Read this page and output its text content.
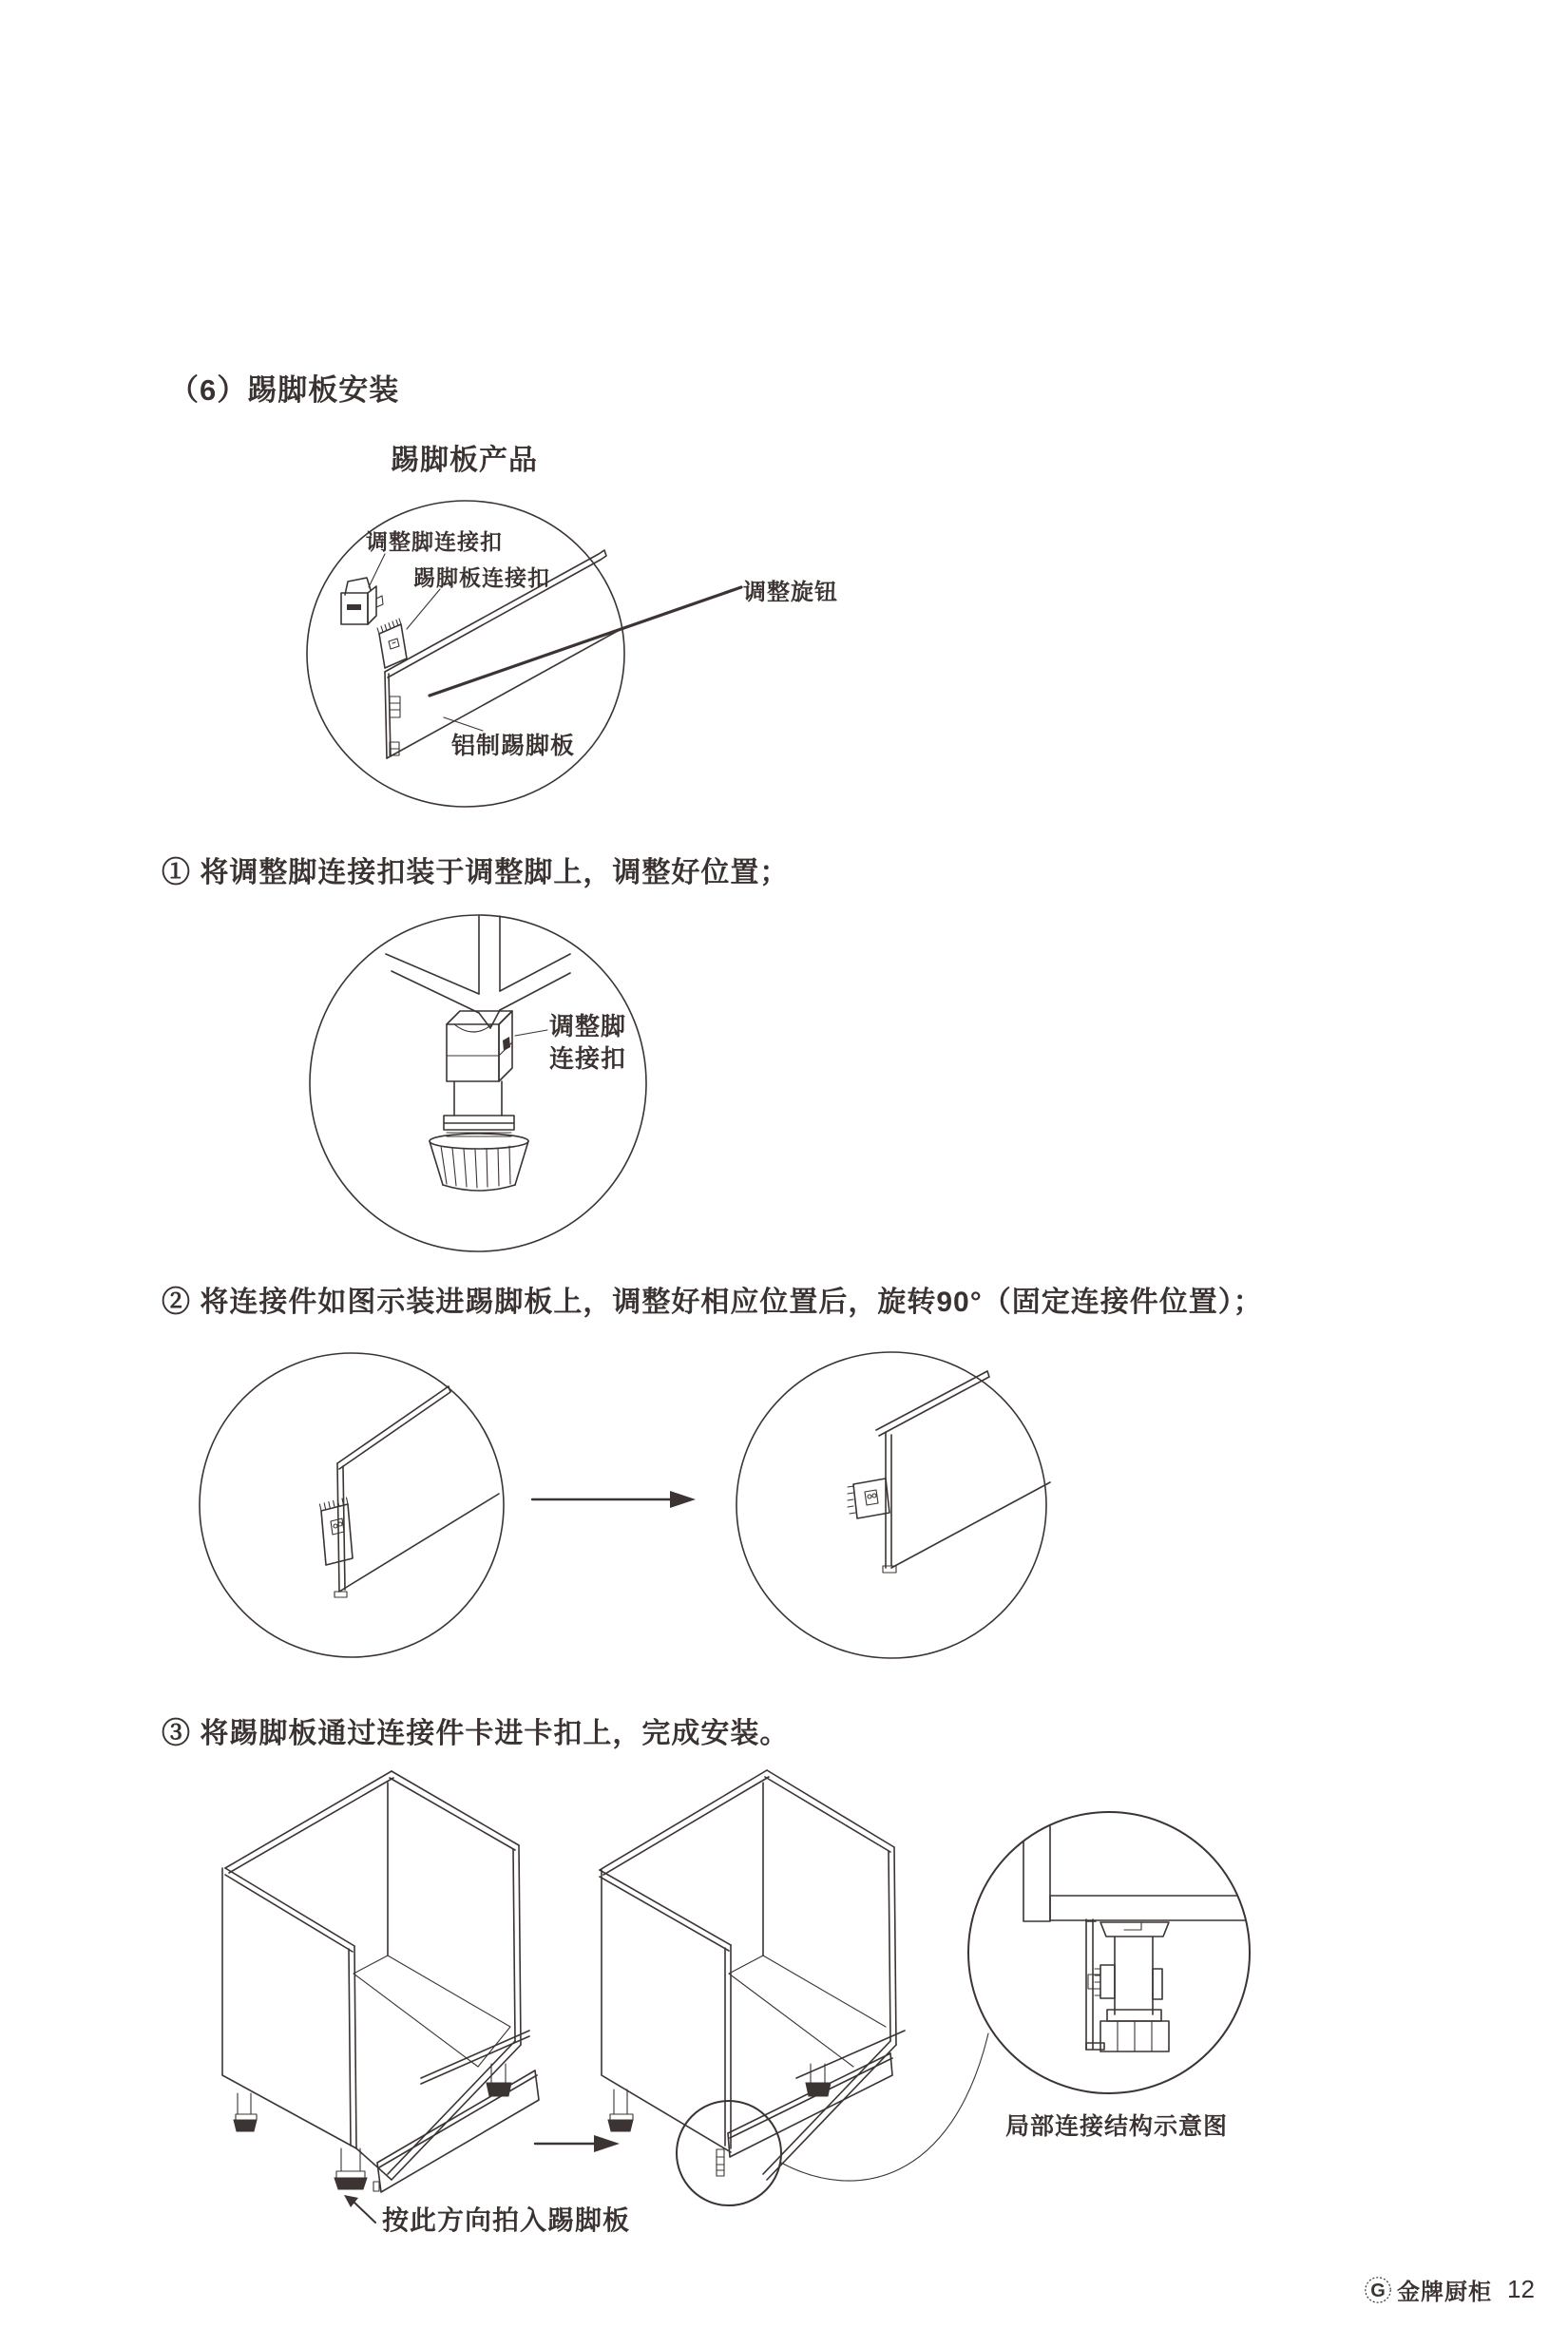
（6）踢脚板安装
踢脚板产品
调整脚连接扣
踢脚板连接扣
调整旋钮
铝制踢脚板
① 将调整脚连接扣装于调整脚上，调整好位置；
调整脚
连接扣
② 将连接件如图示装进踢脚板上，调整好相应位置后，旋转90°（固定连接件位置）；
③ 将踢脚板通过连接件卡进卡扣上，完成安装。
按此方向拍入踢脚板
局部连接结构示意图
G 金牌厨柜 12
